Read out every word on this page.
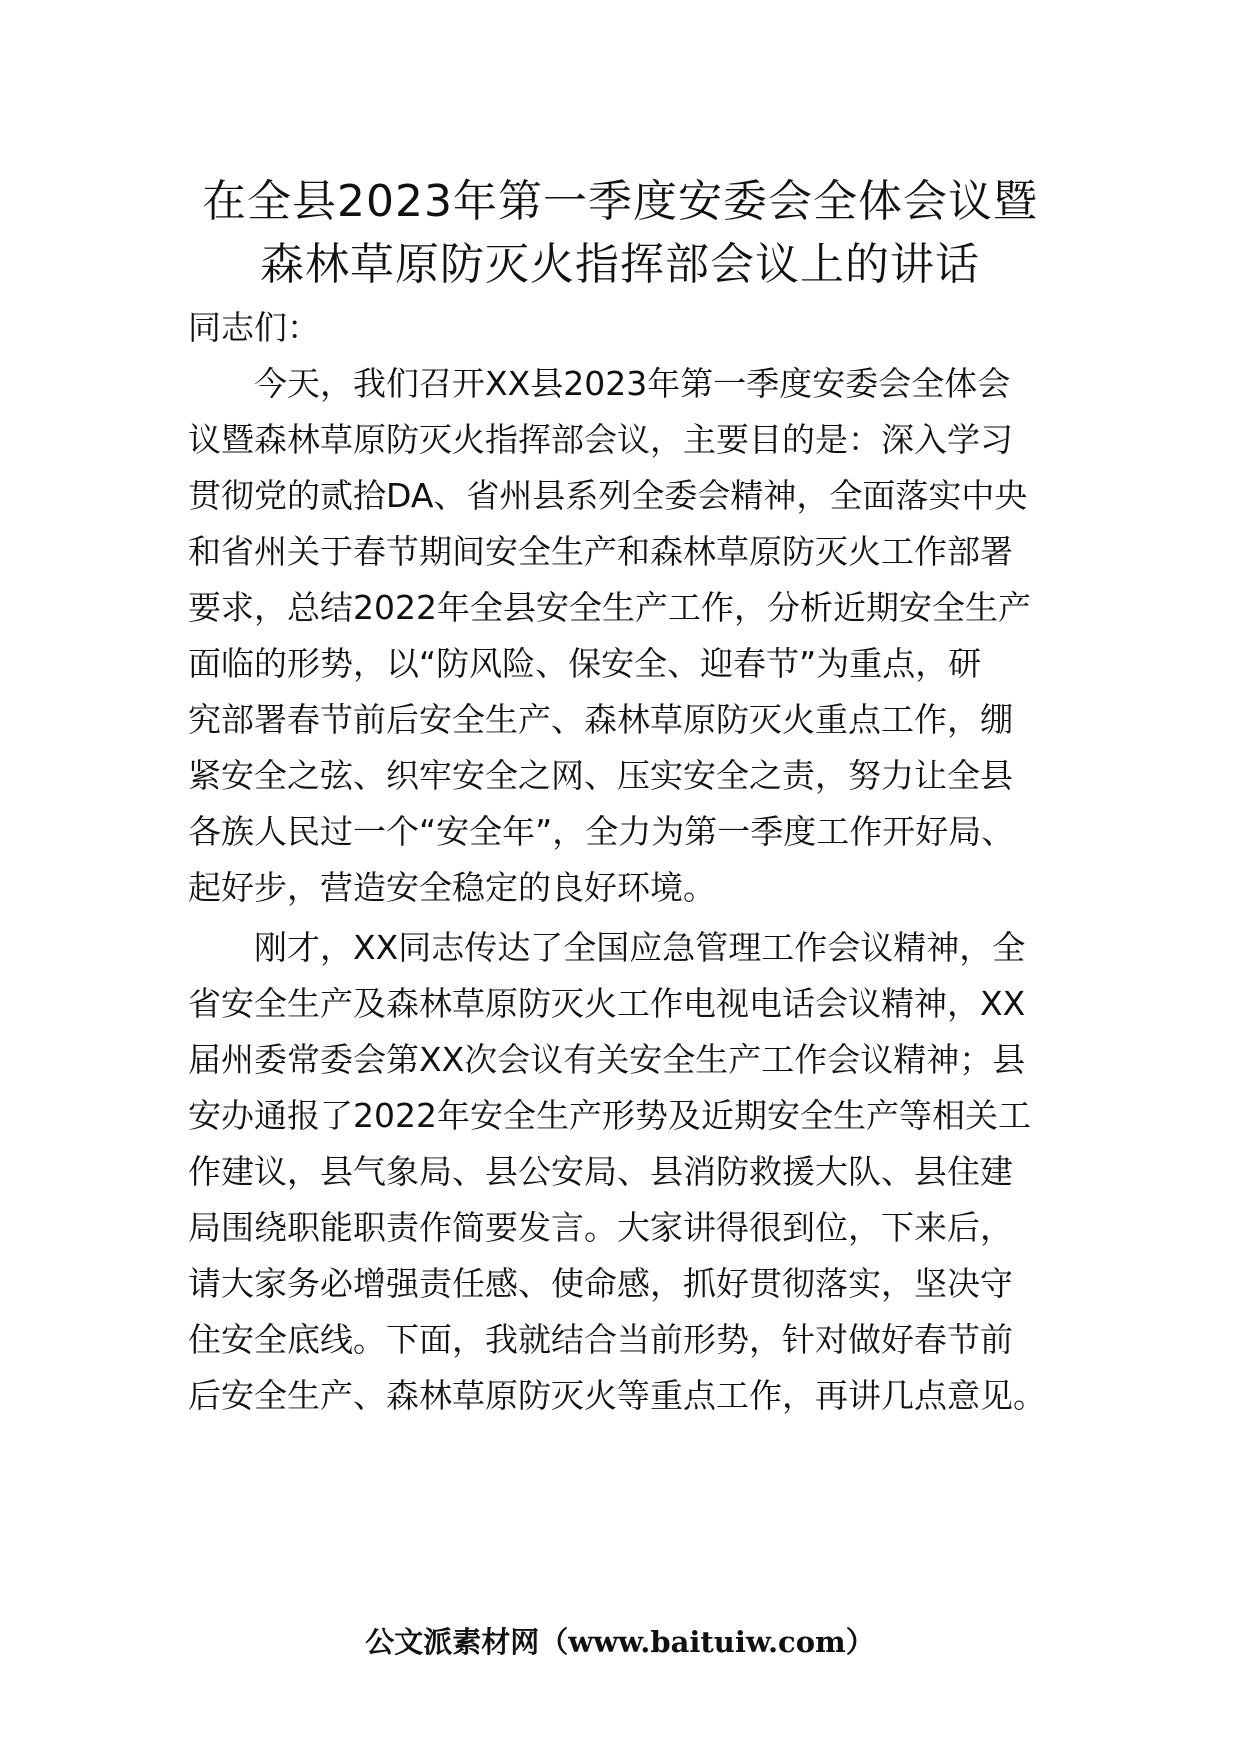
在全县2023年第一季度安委会全体会议暨
森林草原防灭火指挥部会议上的讲话
同志们：
今天，我们召开XX县2023年第一季度安委会全体会
议暨森林草原防灭火指挥部会议，主要目的是：深入学习
贯彻党的贰拾DA、省州县系列全委会精神，全面落实中央
和省州关于春节期间安全生产和森林草原防灭火工作部署
要求，总结2022年全县安全生产工作，分析近期安全生产
面临的形势，以“防风险、保安全、迎春节”为重点，研
究部署春节前后安全生产、森林草原防灭火重点工作，绷
紧安全之弦、织牢安全之网、压实安全之责，努力让全县
各族人民过一个“安全年”，全力为第一季度工作开好局、
起好步，营造安全稳定的良好环境。
刚才，XX同志传达了全国应急管理工作会议精神，全
省安全生产及森林草原防灭火工作电视电话会议精神，XX
届州委常委会第XX次会议有关安全生产工作会议精神；县
安办通报了2022年安全生产形势及近期安全生产等相关工
作建议，县气象局、县公安局、县消防救援大队、县住建
局围绕职能职责作简要发言。大家讲得很到位，下来后，
请大家务必增强责任感、使命感，抓好贯彻落实，坚决守
住安全底线。下面，我就结合当前形势，针对做好春节前
后安全生产、森林草原防灭火等重点工作，再讲几点意见。
公文派素材网（www.baituiw.com）
